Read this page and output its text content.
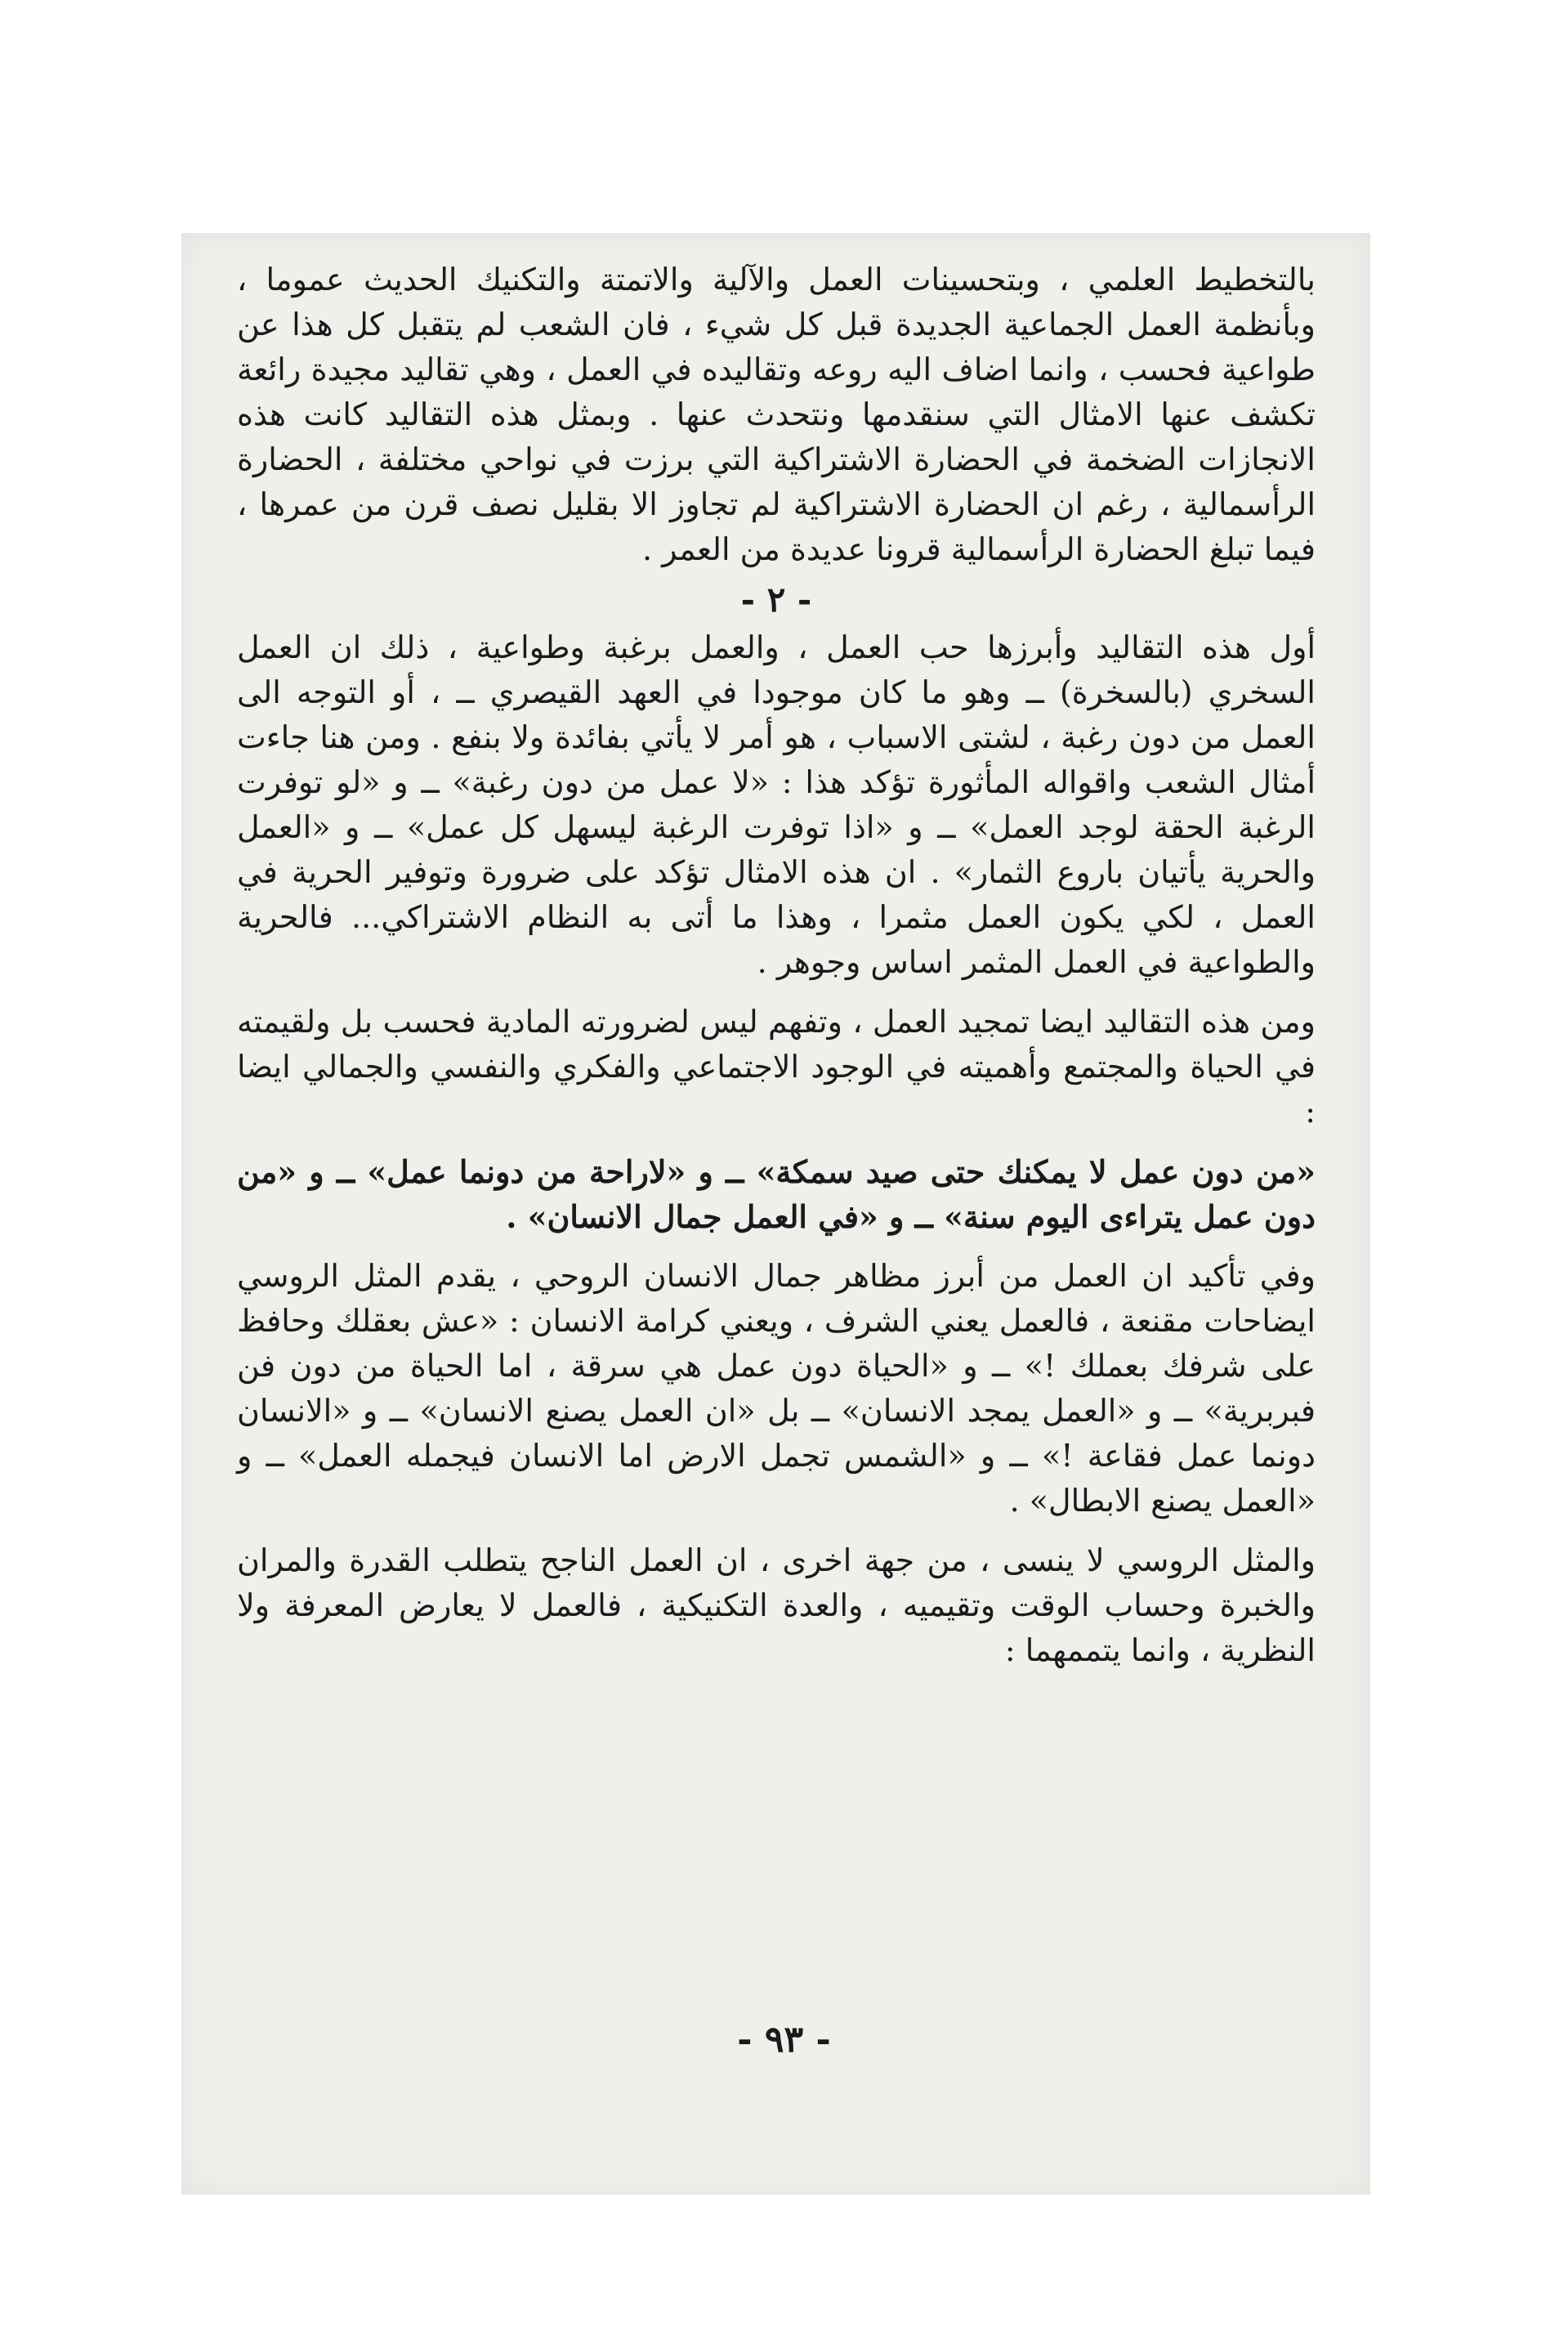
بالتخطيط العلمي ، وبتحسينات العمل والآلية والاتمتة والتكنيك الحديث عموما ، وبأنظمة العمل الجماعية الجديدة قبل كل شيء ، فان الشعب لم يتقبل كل هذا عن طواعية فحسب ، وانما اضاف اليه روعه وتقاليده في العمل ، وهي تقاليد مجيدة رائعة تكشف عنها الامثال التي سنقدمها ونتحدث عنها . وبمثل هذه التقاليد كانت هذه الانجازات الضخمة في الحضارة الاشتراكية التي برزت في نواحي مختلفة ، الحضارة الرأسمالية ، رغم ان الحضارة الاشتراكية لم تجاوز الا بقليل نصف قرن من عمرها ، فيما تبلغ الحضارة الرأسمالية قرونا عديدة من العمر .

- ٢ -

أول هذه التقاليد وأبرزها حب العمل ، والعمل برغبة وطواعية ، ذلك ان العمل السخري (بالسخرة) ــ وهو ما كان موجودا في العهد القيصري ــ ، أو التوجه الى العمل من دون رغبة ، لشتى الاسباب ، هو أمر لا يأتي بفائدة ولا بنفع . ومن هنا جاءت أمثال الشعب واقواله المأثورة تؤكد هذا : «لا عمل من دون رغبة» ــ و «لو توفرت الرغبة الحقة لوجد العمل» ــ و «اذا توفرت الرغبة ليسهل كل عمل» ــ و «العمل والحرية يأتيان باروع الثمار» . ان هذه الامثال تؤكد على ضرورة وتوفير الحرية في العمل ، لكي يكون العمل مثمرا ، وهذا ما أتى به النظام الاشتراكي... فالحرية والطواعية في العمل المثمر اساس وجوهر .

ومن هذه التقاليد ايضا تمجيد العمل ، وتفهم ليس لضرورته المادية فحسب بل ولقيمته في الحياة والمجتمع وأهميته في الوجود الاجتماعي والفكري والنفسي والجمالي ايضا :

«من دون عمل لا يمكنك حتى صيد سمكة» ــ و «لاراحة من دونما عمل» ــ و «من دون عمل يتراءى اليوم سنة» ــ و «في العمل جمال الانسان» .

وفي تأكيد ان العمل من أبرز مظاهر جمال الانسان الروحي ، يقدم المثل الروسي ايضاحات مقنعة ، فالعمل يعني الشرف ، ويعني كرامة الانسان : «عش بعقلك وحافظ على شرفك بعملك !» ــ و «الحياة دون عمل هي سرقة ، اما الحياة من دون فن فبربرية» ــ و «العمل يمجد الانسان» ــ بل «ان العمل يصنع الانسان» ــ و «الانسان دونما عمل فقاعة !» ــ و «الشمس تجمل الارض اما الانسان فيجمله العمل» ــ و «العمل يصنع الابطال» .

والمثل الروسي لا ينسى ، من جهة اخرى ، ان العمل الناجح يتطلب القدرة والمران والخبرة وحساب الوقت وتقيميه ، والعدة التكنيكية ، فالعمل لا يعارض المعرفة ولا النظرية ، وانما يتممهما :

- ٩٣ -
